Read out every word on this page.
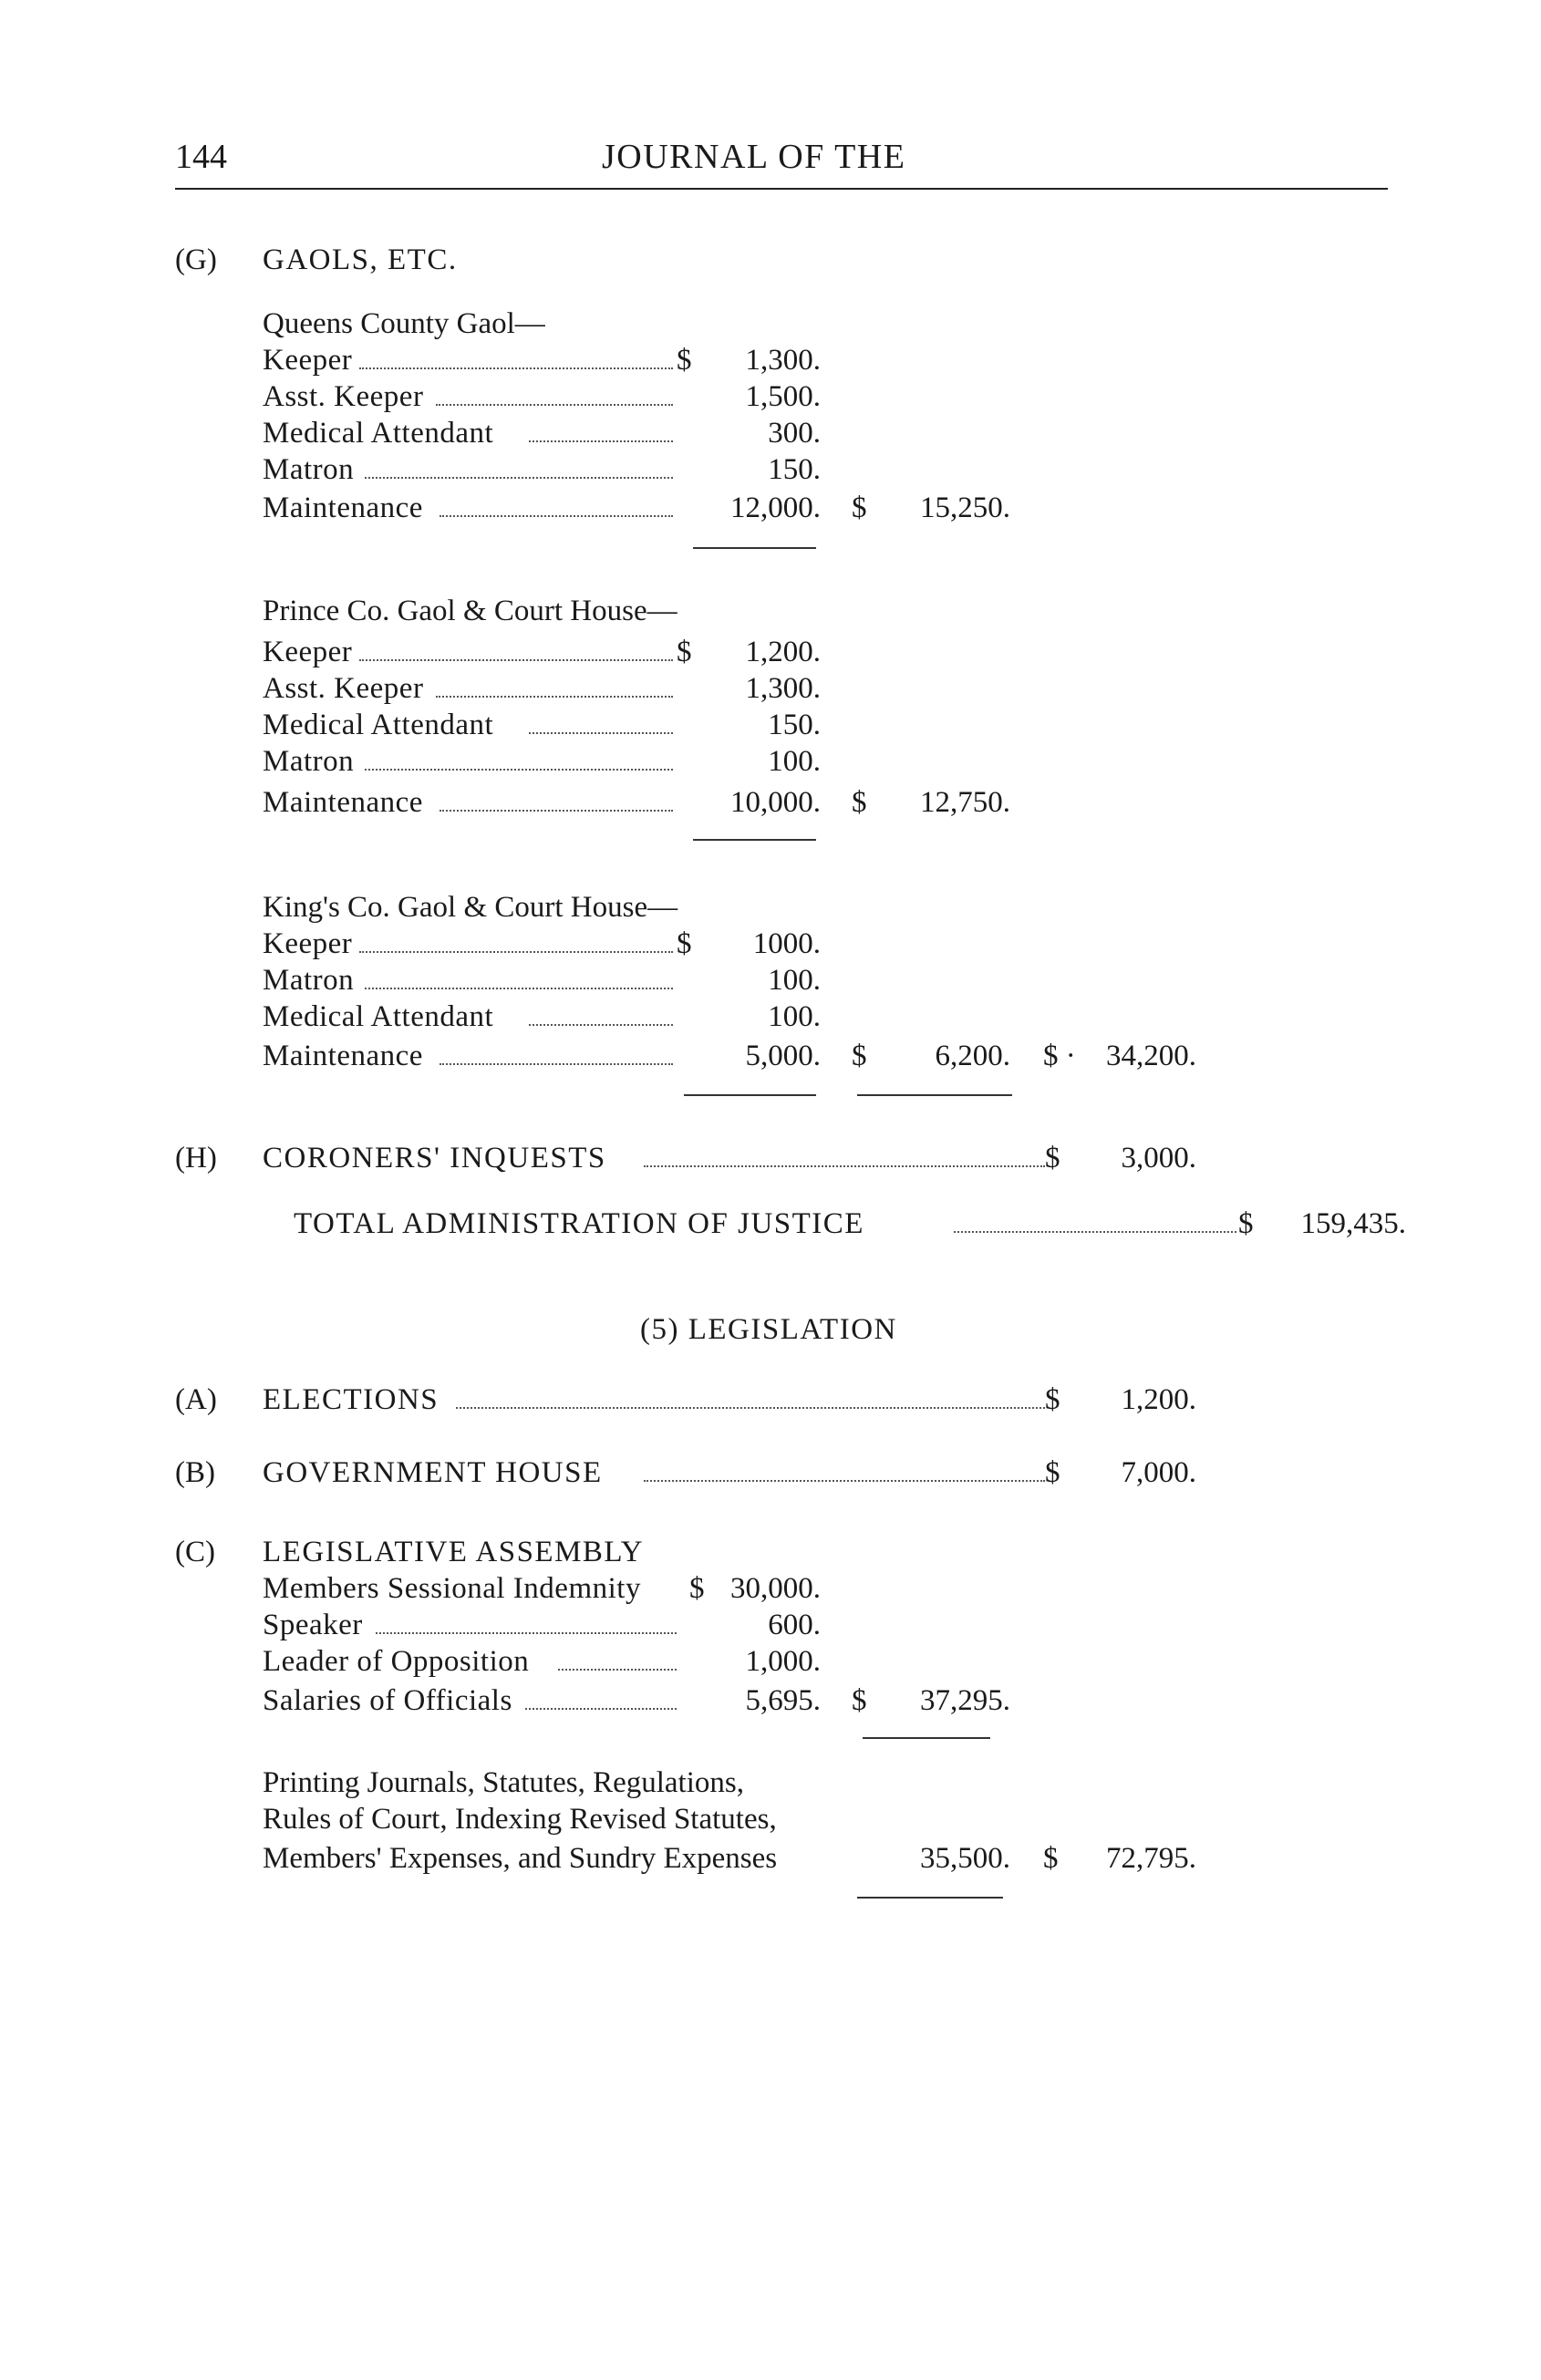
144	JOURNAL OF THE
(G) GAOLS, ETC.
Queens County Gaol—
Keeper	$ 1,300.
Asst. Keeper	1,500.
Medical Attendant	300.
Matron	150.
Maintenance	12,000. $ 15,250.
Prince Co. Gaol & Court House—
Keeper	$ 1,200.
Asst. Keeper	1,300.
Medical Attendant	150.
Matron	100.
Maintenance	10,000. $ 12,750.
King's Co. Gaol & Court House—
Keeper	$ 1000.
Matron	100.
Medical Attendant	100.
Maintenance	5,000. $ 6,200. $ · 34,200.
(H) CORONERS' INQUESTS	$ 3,000.
TOTAL ADMINISTRATION OF JUSTICE	$ 159,435.
(5) LEGISLATION
(A) ELECTIONS	$ 1,200.
(B) GOVERNMENT HOUSE	$ 7,000.
(C) LEGISLATIVE ASSEMBLY
Members Sessional Indemnity $ 30,000.
Speaker	600.
Leader of Opposition	1,000.
Salaries of Officials	5,695. $ 37,295.
Printing Journals, Statutes, Regulations,
Rules of Court, Indexing Revised Statutes,
Members' Expenses, and Sundry Expenses	35,500. $ 72,795.
